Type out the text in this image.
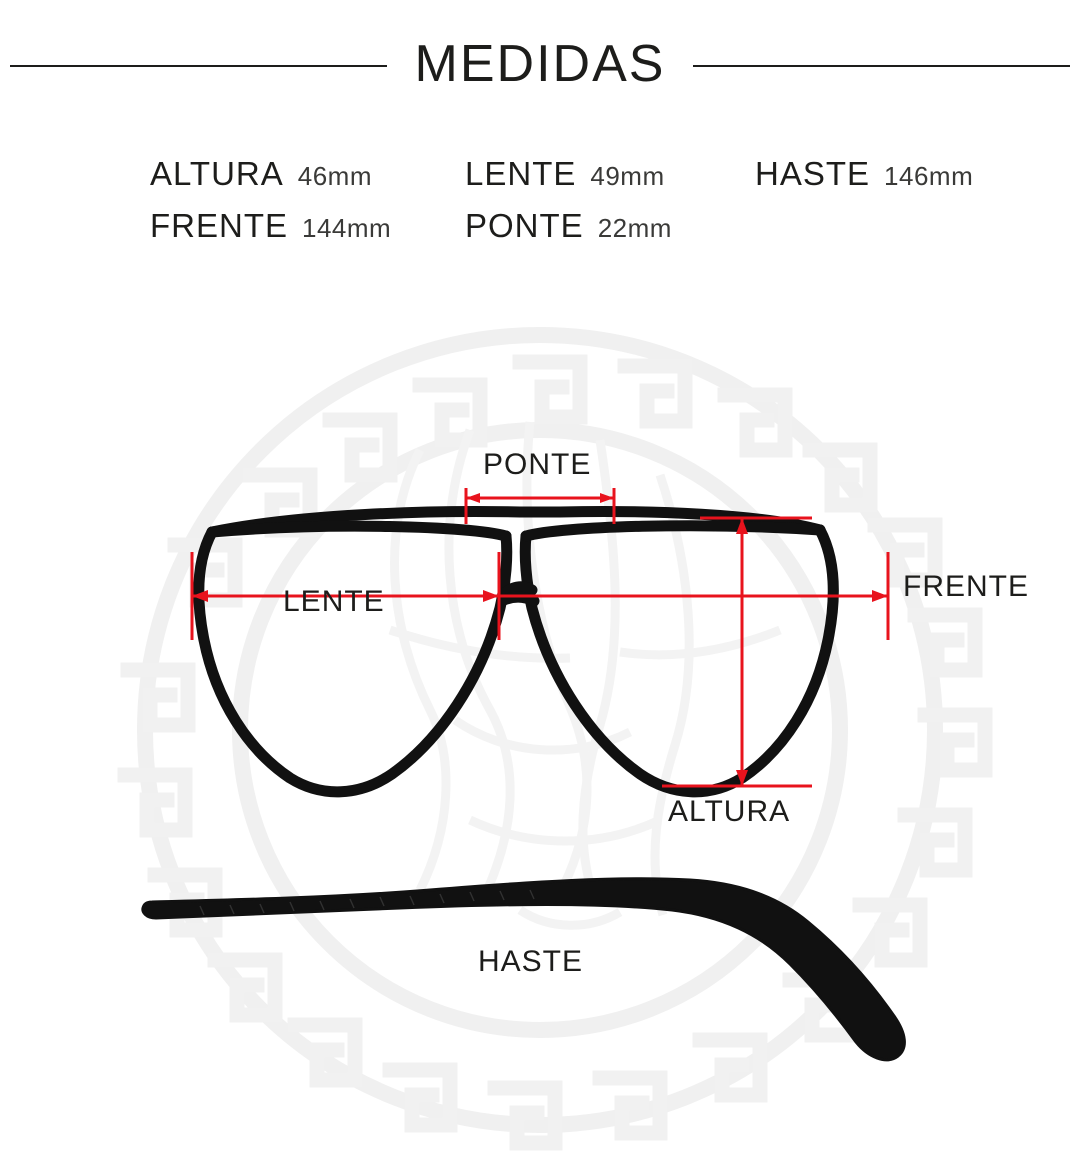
MEDIDAS
ALTURA 46mm	LENTE 49mm	HASTE 146mm
FRENTE 144mm PONTE 22mm
PONTE
LENTE	FRENTE
ALTURA
HASTE
